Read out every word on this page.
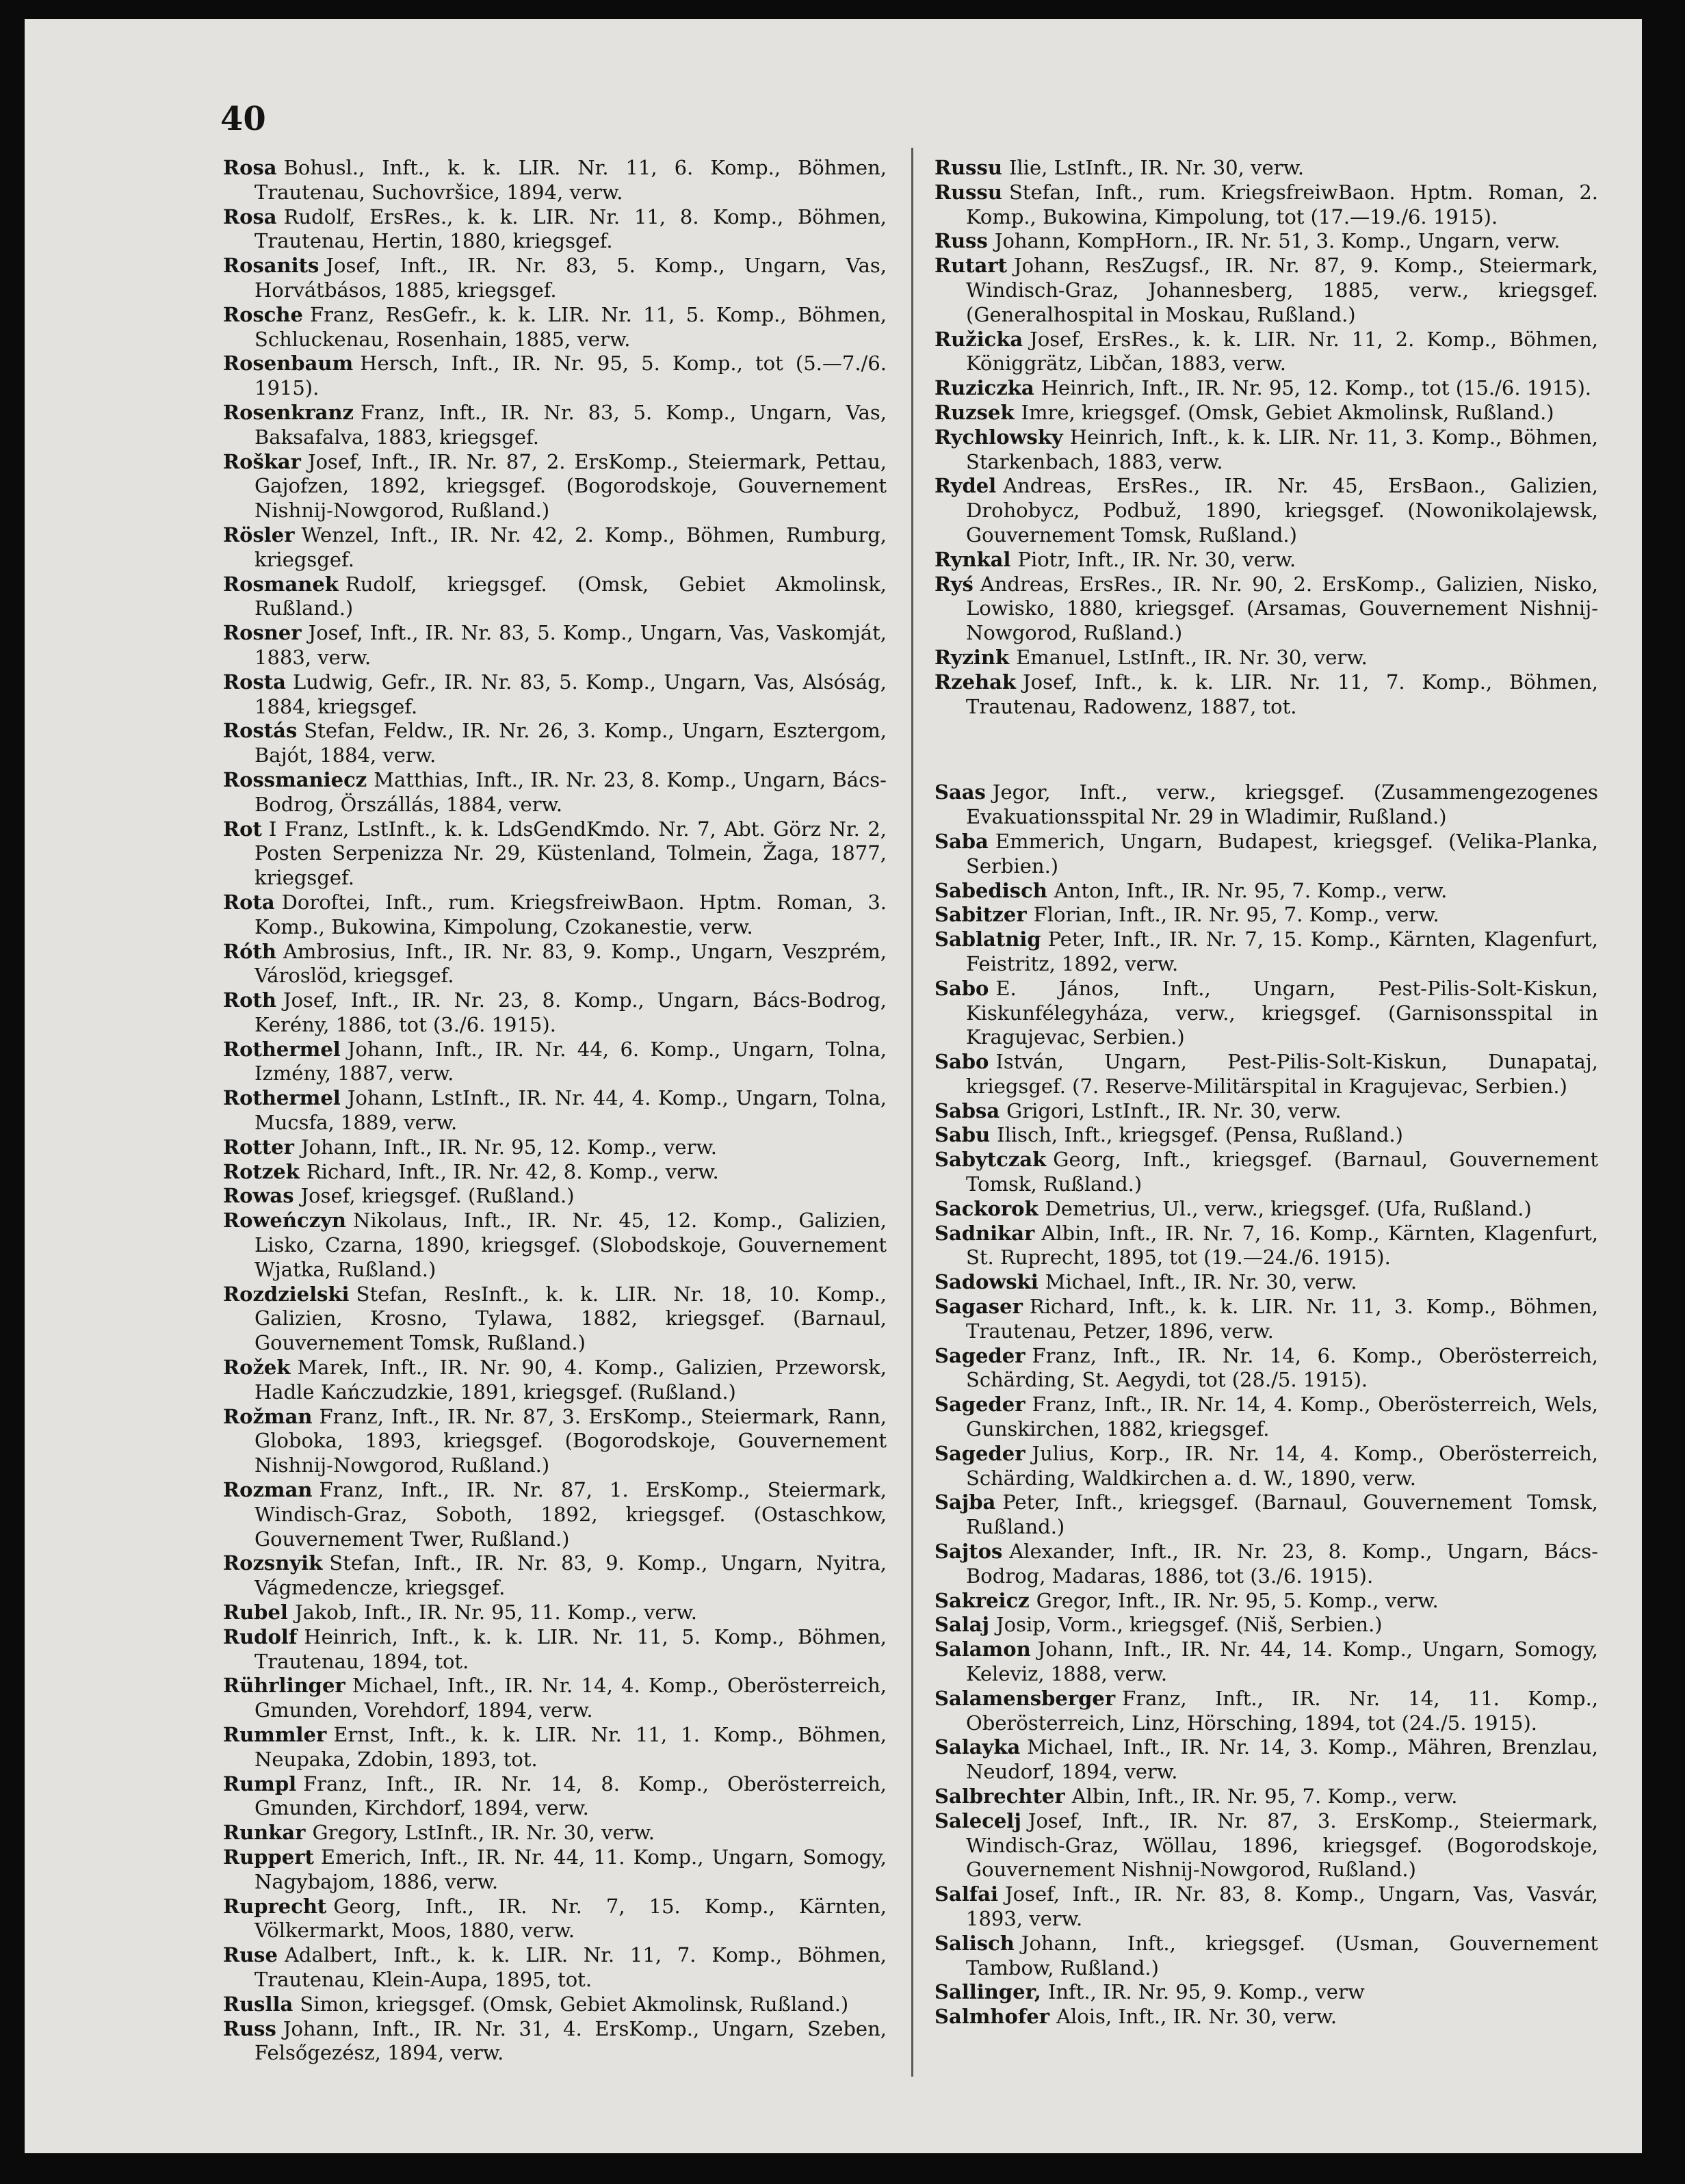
40
Rosa Bohusl., Inft., k. k. LIR. Nr. 11, 6. Komp., Böhmen, Trautenau, Suchovršice, 1894, verw.
Rosa Rudolf, ErsRes., k. k. LIR. Nr. 11, 8. Komp., Böhmen, Trautenau, Hertin, 1880, kriegsgef.
Rosanits Josef, Inft., IR. Nr. 83, 5. Komp., Ungarn, Vas, Horvátbásos, 1885, kriegsgef.
Rosche Franz, ResGefr., k. k. LIR. Nr. 11, 5. Komp., Böhmen, Schluckenau, Rosenhain, 1885, verw.
Rosenbaum Hersch, Inft., IR. Nr. 95, 5. Komp., tot (5.—7./6. 1915).
Rosenkranz Franz, Inft., IR. Nr. 83, 5. Komp., Ungarn, Vas, Baksafalva, 1883, kriegsgef.
Roškar Josef, Inft., IR. Nr. 87, 2. ErsKomp., Steiermark, Pettau, Gajofzen, 1892, kriegsgef. (Bogorodskoje, Gouvernement Nishnij-Nowgorod, Rußland.)
Rösler Wenzel, Inft., IR. Nr. 42, 2. Komp., Böhmen, Rumburg, kriegsgef.
Rosmanek Rudolf, kriegsgef. (Omsk, Gebiet Akmolinsk, Rußland.)
Rosner Josef, Inft., IR. Nr. 83, 5. Komp., Ungarn, Vas, Vaskomját, 1883, verw.
Rosta Ludwig, Gefr., IR. Nr. 83, 5. Komp., Ungarn, Vas, Alsóság, 1884, kriegsgef.
Rostás Stefan, Feldw., IR. Nr. 26, 3. Komp., Ungarn, Esztergom, Bajót, 1884, verw.
Rossmaniecz Matthias, Inft., IR. Nr. 23, 8. Komp., Ungarn, Bács-Bodrog, Örszállás, 1884, verw.
Rot I Franz, LstInft., k. k. LdsGendKmdo. Nr. 7, Abt. Görz Nr. 2, Posten Serpenizza Nr. 29, Küstenland, Tolmein, Žaga, 1877, kriegsgef.
Rota Doroftei, Inft., rum. KriegsfreiwBaon. Hptm. Roman, 3. Komp., Bukowina, Kimpolung, Czokanestie, verw.
Róth Ambrosius, Inft., IR. Nr. 83, 9. Komp., Ungarn, Veszprém, Városlöd, kriegsgef.
Roth Josef, Inft., IR. Nr. 23, 8. Komp., Ungarn, Bács-Bodrog, Kerény, 1886, tot (3./6. 1915).
Rothermel Johann, Inft., IR. Nr. 44, 6. Komp., Ungarn, Tolna, Izmény, 1887, verw.
Rothermel Johann, LstInft., IR. Nr. 44, 4. Komp., Ungarn, Tolna, Mucsfa, 1889, verw.
Rotter Johann, Inft., IR. Nr. 95, 12. Komp., verw.
Rotzek Richard, Inft., IR. Nr. 42, 8. Komp., verw.
Rowas Josef, kriegsgef. (Rußland.)
Roweńczyn Nikolaus, Inft., IR. Nr. 45, 12. Komp., Galizien, Lisko, Czarna, 1890, kriegsgef. (Slobodskoje, Gouvernement Wjatka, Rußland.)
Rozdzielski Stefan, ResInft., k. k. LIR. Nr. 18, 10. Komp., Galizien, Krosno, Tylawa, 1882, kriegsgef. (Barnaul, Gouvernement Tomsk, Rußland.)
Rožek Marek, Inft., IR. Nr. 90, 4. Komp., Galizien, Przeworsk, Hadle Kańczudzkie, 1891, kriegsgef. (Rußland.)
Rožman Franz, Inft., IR. Nr. 87, 3. ErsKomp., Steiermark, Rann, Globoka, 1893, kriegsgef. (Bogorodskoje, Gouvernement Nishnij-Nowgorod, Rußland.)
Rozman Franz, Inft., IR. Nr. 87, 1. ErsKomp., Steiermark, Windisch-Graz, Soboth, 1892, kriegsgef. (Ostaschkow, Gouvernement Twer, Rußland.)
Rozsnyik Stefan, Inft., IR. Nr. 83, 9. Komp., Ungarn, Nyitra, Vágmedencze, kriegsgef.
Rubel Jakob, Inft., IR. Nr. 95, 11. Komp., verw.
Rudolf Heinrich, Inft., k. k. LIR. Nr. 11, 5. Komp., Böhmen, Trautenau, 1894, tot.
Rührlinger Michael, Inft., IR. Nr. 14, 4. Komp., Oberösterreich, Gmunden, Vorehdorf, 1894, verw.
Rummler Ernst, Inft., k. k. LIR. Nr. 11, 1. Komp., Böhmen, Neupaka, Zdobin, 1893, tot.
Rumpl Franz, Inft., IR. Nr. 14, 8. Komp., Oberösterreich, Gmunden, Kirchdorf, 1894, verw.
Runkar Gregory, LstInft., IR. Nr. 30, verw.
Ruppert Emerich, Inft., IR. Nr. 44, 11. Komp., Ungarn, Somogy, Nagybajom, 1886, verw.
Ruprecht Georg, Inft., IR. Nr. 7, 15. Komp., Kärnten, Völkermarkt, Moos, 1880, verw.
Ruse Adalbert, Inft., k. k. LIR. Nr. 11, 7. Komp., Böhmen, Trautenau, Klein-Aupa, 1895, tot.
Ruslla Simon, kriegsgef. (Omsk, Gebiet Akmolinsk, Rußland.)
Russ Johann, Inft., IR. Nr. 31, 4. ErsKomp., Ungarn, Szeben, Felsőgezész, 1894, verw.
Russu Ilie, LstInft., IR. Nr. 30, verw.
Russu Stefan, Inft., rum. KriegsfreiwBaon. Hptm. Roman, 2. Komp., Bukowina, Kimpolung, tot (17.—19./6. 1915).
Russ Johann, KompHorn., IR. Nr. 51, 3. Komp., Ungarn, verw.
Rutart Johann, ResZugsf., IR. Nr. 87, 9. Komp., Steiermark, Windisch-Graz, Johannesberg, 1885, verw., kriegsgef. (Generalhospital in Moskau, Rußland.)
Ružicka Josef, ErsRes., k. k. LIR. Nr. 11, 2. Komp., Böhmen, Königgrätz, Libčan, 1883, verw.
Ruziczka Heinrich, Inft., IR. Nr. 95, 12. Komp., tot (15./6. 1915).
Ruzsek Imre, kriegsgef. (Omsk, Gebiet Akmolinsk, Rußland.)
Rychlowsky Heinrich, Inft., k. k. LIR. Nr. 11, 3. Komp., Böhmen, Starkenbach, 1883, verw.
Rydel Andreas, ErsRes., IR. Nr. 45, ErsBaon., Galizien, Drohobycz, Podbuž, 1890, kriegsgef. (Nowonikolajewsk, Gouvernement Tomsk, Rußland.)
Rynkal Piotr, Inft., IR. Nr. 30, verw.
Ryś Andreas, ErsRes., IR. Nr. 90, 2. ErsKomp., Galizien, Nisko, Lowisko, 1880, kriegsgef. (Arsamas, Gouvernement Nishnij-Nowgorod, Rußland.)
Ryzink Emanuel, LstInft., IR. Nr. 30, verw.
Rzehak Josef, Inft., k. k. LIR. Nr. 11, 7. Komp., Böhmen, Trautenau, Radowenz, 1887, tot.
Saas Jegor, Inft., verw., kriegsgef. (Zusammengezogenes Evakuationsspital Nr. 29 in Wladimir, Rußland.)
Saba Emmerich, Ungarn, Budapest, kriegsgef. (Velika-Planka, Serbien.)
Sabedisch Anton, Inft., IR. Nr. 95, 7. Komp., verw.
Sabitzer Florian, Inft., IR. Nr. 95, 7. Komp., verw.
Sablatnig Peter, Inft., IR. Nr. 7, 15. Komp., Kärnten, Klagenfurt, Feistritz, 1892, verw.
Sabo E. János, Inft., Ungarn, Pest-Pilis-Solt-Kiskun, Kiskunfélegyháza, verw., kriegsgef. (Garnisonsspital in Kragujevac, Serbien.)
Sabo István, Ungarn, Pest-Pilis-Solt-Kiskun, Dunapataj, kriegsgef. (7. Reserve-Militärspital in Kragujevac, Serbien.)
Sabsa Grigori, LstInft., IR. Nr. 30, verw.
Sabu Ilisch, Inft., kriegsgef. (Pensa, Rußland.)
Sabytczak Georg, Inft., kriegsgef. (Barnaul, Gouvernement Tomsk, Rußland.)
Sackorok Demetrius, Ul., verw., kriegsgef. (Ufa, Rußland.)
Sadnikar Albin, Inft., IR. Nr. 7, 16. Komp., Kärnten, Klagenfurt, St. Ruprecht, 1895, tot (19.—24./6. 1915).
Sadowski Michael, Inft., IR. Nr. 30, verw.
Sagaser Richard, Inft., k. k. LIR. Nr. 11, 3. Komp., Böhmen, Trautenau, Petzer, 1896, verw.
Sageder Franz, Inft., IR. Nr. 14, 6. Komp., Oberösterreich, Schärding, St. Aegydi, tot (28./5. 1915).
Sageder Franz, Inft., IR. Nr. 14, 4. Komp., Oberösterreich, Wels, Gunskirchen, 1882, kriegsgef.
Sageder Julius, Korp., IR. Nr. 14, 4. Komp., Oberösterreich, Schärding, Waldkirchen a. d. W., 1890, verw.
Sajba Peter, Inft., kriegsgef. (Barnaul, Gouvernement Tomsk, Rußland.)
Sajtos Alexander, Inft., IR. Nr. 23, 8. Komp., Ungarn, Bács-Bodrog, Madaras, 1886, tot (3./6. 1915).
Sakreicz Gregor, Inft., IR. Nr. 95, 5. Komp., verw.
Salaj Josip, Vorm., kriegsgef. (Niš, Serbien.)
Salamon Johann, Inft., IR. Nr. 44, 14. Komp., Ungarn, Somogy, Keleviz, 1888, verw.
Salamensberger Franz, Inft., IR. Nr. 14, 11. Komp., Oberösterreich, Linz, Hörsching, 1894, tot (24./5. 1915).
Salayka Michael, Inft., IR. Nr. 14, 3. Komp., Mähren, Brenzlau, Neudorf, 1894, verw.
Salbrechter Albin, Inft., IR. Nr. 95, 7. Komp., verw.
Salecelj Josef, Inft., IR. Nr. 87, 3. ErsKomp., Steiermark, Windisch-Graz, Wöllau, 1896, kriegsgef. (Bogorodskoje, Gouvernement Nishnij-Nowgorod, Rußland.)
Salfai Josef, Inft., IR. Nr. 83, 8. Komp., Ungarn, Vas, Vasvár, 1893, verw.
Salisch Johann, Inft., kriegsgef. (Usman, Gouvernement Tambow, Rußland.)
Sallinger, Inft., IR. Nr. 95, 9. Komp., verw
Salmhofer Alois, Inft., IR. Nr. 30, verw.
